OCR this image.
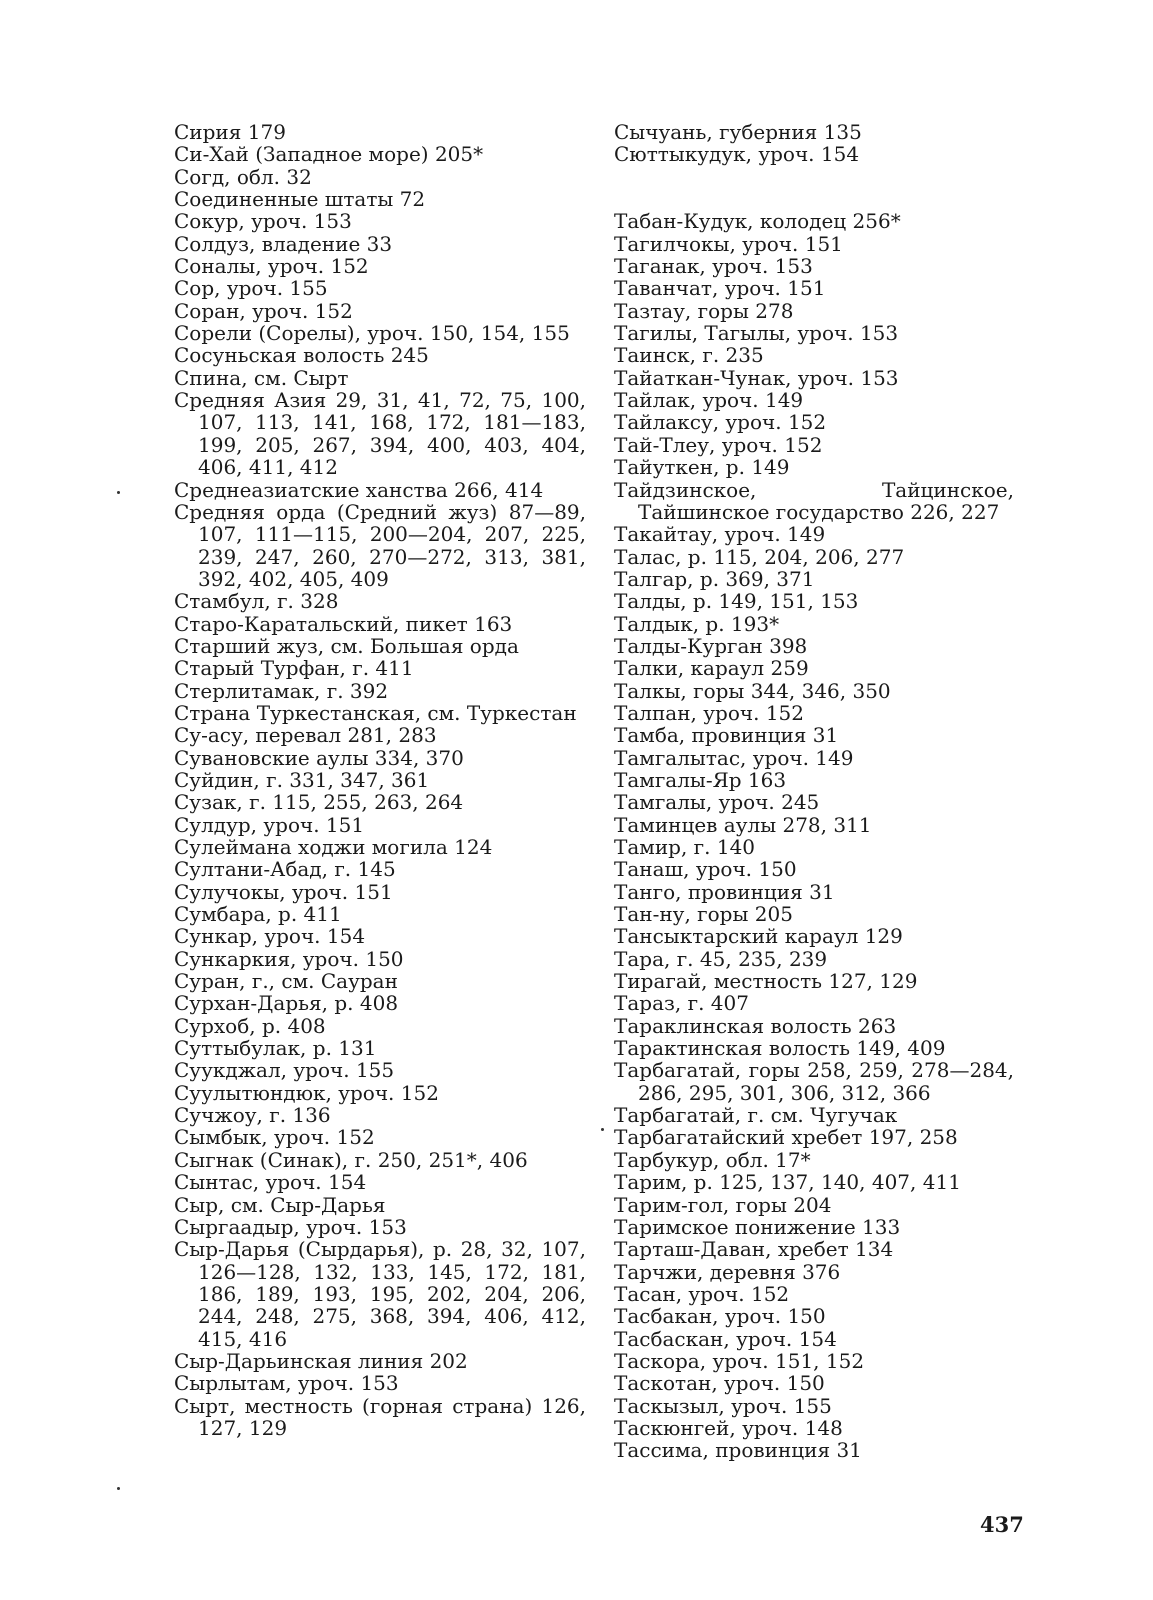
Сирия 179
Си-Хай (Западное море) 205*
Согд, обл. 32
Соединенные штаты 72
Сокур, уроч. 153
Солдуз, владение 33
Соналы, уроч. 152
Сор, уроч. 155
Соран, уроч. 152
Сорели (Сорелы), уроч. 150, 154, 155
Сосуньская волость 245
Спина, см. Сырт
Средняя Азия 29, 31, 41, 72, 75, 100, 107, 113, 141, 168, 172, 181—183, 199, 205, 267, 394, 400, 403, 404, 406, 411, 412
Среднеазиатские ханства 266, 414
Средняя орда (Средний жуз) 87—89, 107, 111—115, 200—204, 207, 225, 239, 247, 260, 270—272, 313, 381, 392, 402, 405, 409
Стамбул, г. 328
Старо-Каратальский, пикет 163
Старший жуз, см. Большая орда
Старый Турфан, г. 411
Стерлитамак, г. 392
Страна Туркестанская, см. Туркестан
Су-асу, перевал 281, 283
Сувановские аулы 334, 370
Суйдин, г. 331, 347, 361
Сузак, г. 115, 255, 263, 264
Сулдур, уроч. 151
Сулеймана ходжи могила 124
Султани-Абад, г. 145
Сулучокы, уроч. 151
Сумбара, р. 411
Сункар, уроч. 154
Сункаркия, уроч. 150
Суран, г., см. Сауран
Сурхан-Дарья, р. 408
Сурхоб, р. 408
Суттыбулак, р. 131
Суукджал, уроч. 155
Суулытюндюк, уроч. 152
Сучжоу, г. 136
Сымбык, уроч. 152
Сыгнак (Синак), г. 250, 251*, 406
Сынтас, уроч. 154
Сыр, см. Сыр-Дарья
Сыргаадыр, уроч. 153
Сыр-Дарья (Сырдарья), р. 28, 32, 107, 126—128, 132, 133, 145, 172, 181, 186, 189, 193, 195, 202, 204, 206, 244, 248, 275, 368, 394, 406, 412, 415, 416
Сыр-Дарьинская линия 202
Сырлытам, уроч. 153
Сырт, местность (горная страна) 126, 127, 129
Сычуань, губерния 135
Сюттыкудук, уроч. 154
Табан-Кудук, колодец 256*
Тагилчокы, уроч. 151
Таганак, уроч. 153
Таванчат, уроч. 151
Тазтау, горы 278
Тагилы, Тагылы, уроч. 153
Таинск, г. 235
Тайаткан-Чунак, уроч. 153
Тайлак, уроч. 149
Тайлаксу, уроч. 152
Тай-Тлеу, уроч. 152
Тайуткен, р. 149
Тайдзинское, Тайцинское, Тайшинское государство 226, 227
Такайтау, уроч. 149
Талас, р. 115, 204, 206, 277
Талгар, р. 369, 371
Талды, р. 149, 151, 153
Талдык, р. 193*
Талды-Курган 398
Талки, караул 259
Талкы, горы 344, 346, 350
Талпан, уроч. 152
Тамба, провинция 31
Тамгалытас, уроч. 149
Тамгалы-Яр 163
Тамгалы, уроч. 245
Таминцев аулы 278, 311
Тамир, г. 140
Танаш, уроч. 150
Танго, провинция 31
Тан-ну, горы 205
Тансыктарский караул 129
Тара, г. 45, 235, 239
Тирагай, местность 127, 129
Тараз, г. 407
Тараклинская волость 263
Тарактинская волость 149, 409
Тарбагатай, горы 258, 259, 278—284, 286, 295, 301, 306, 312, 366
Тарбагатай, г. см. Чугучак
Тарбагатайский хребет 197, 258
Тарбукур, обл. 17*
Тарим, р. 125, 137, 140, 407, 411
Тарим-гол, горы 204
Таримское понижение 133
Тарташ-Даван, хребет 134
Тарчжи, деревня 376
Тасан, уроч. 152
Тасбакан, уроч. 150
Тасбаскан, уроч. 154
Таскора, уроч. 151, 152
Таскотан, уроч. 150
Таскызыл, уроч. 155
Таскюнгей, уроч. 148
Тассима, провинция 31
437
